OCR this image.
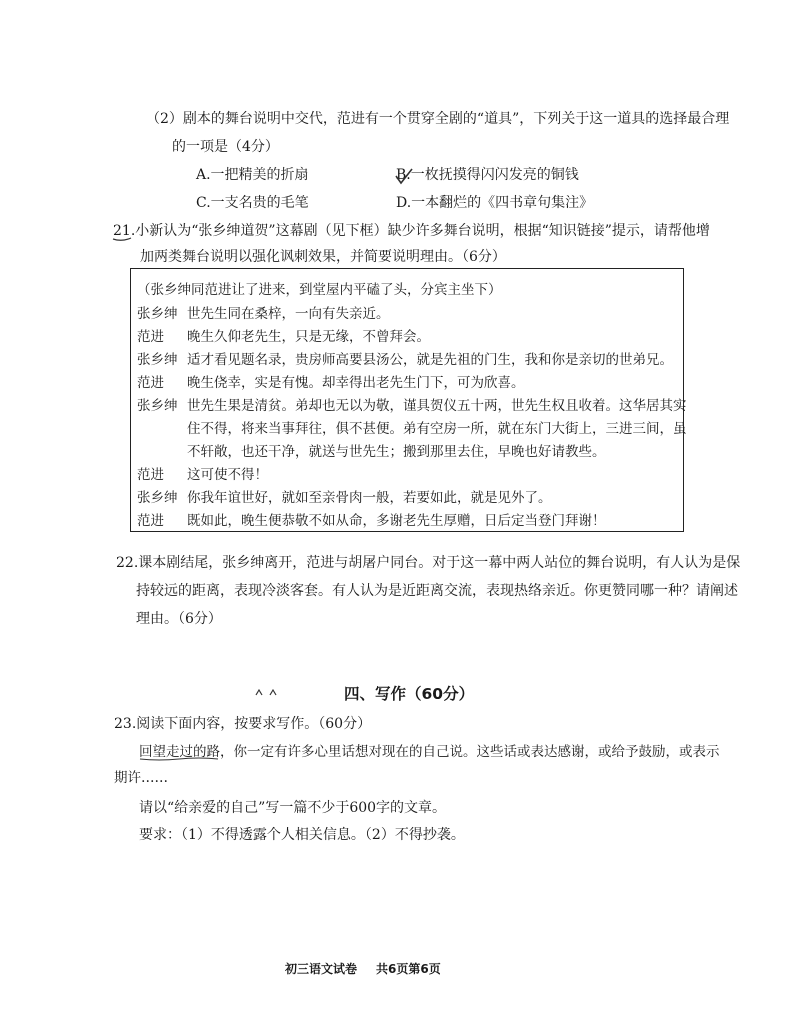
（2）剧本的舞台说明中交代，范进有一个贯穿全剧的“道具”，下列关于这一道具的选择最合理
的一项是（4分）
A.一把精美的折扇	B.一枚抚摸得闪闪发亮的铜钱
C.一支名贵的毛笔	D.一本翻烂的《四书章句集注》
21.小新认为“张乡绅道贺”这幕剧（见下框）缺少许多舞台说明，根据“知识链接”提示，请帮他增
加两类舞台说明以强化讽刺效果，并简要说明理由。（6分）
（张乡绅同范进让了进来，到堂屋内平磕了头，分宾主坐下）
张乡绅 世先生同在桑梓，一向有失亲近。
范进 晚生久仰老先生，只是无缘，不曾拜会。
张乡绅 适才看见题名录，贵房师高要县汤公，就是先祖的门生，我和你是亲切的世弟兄。
范进 晚生侥幸，实是有愧。却幸得出老先生门下，可为欣喜。
张乡绅 世先生果是清贫。弟却也无以为敬，谨具贺仪五十两，世先生权且收着。这华居其实
住不得，将来当事拜往，俱不甚便。弟有空房一所，就在东门大街上，三进三间，虽
不轩敞，也还干净，就送与世先生；搬到那里去住，早晚也好请教些。
范进 这可使不得！
张乡绅 你我年谊世好，就如至亲骨肉一般，若要如此，就是见外了。
范进 既如此，晚生便恭敬不如从命，多谢老先生厚赠，日后定当登门拜谢！
22.课本剧结尾，张乡绅离开，范进与胡屠户同台。对于这一幕中两人站位的舞台说明，有人认为是保
持较远的距离，表现冷淡客套。有人认为是近距离交流，表现热络亲近。你更赞同哪一种？请阐述
理由。（6分）
四、写作（60分）
23.阅读下面内容，按要求写作。（60分）
回望走过的路，你一定有许多心里话想对现在的自己说。这些话或表达感谢，或给予鼓励，或表示
期许……
请以“给亲爱的自己”写一篇不少于600字的文章。
要求：（1）不得透露个人相关信息。（2）不得抄袭。
初三语文试卷 共6页第6页
